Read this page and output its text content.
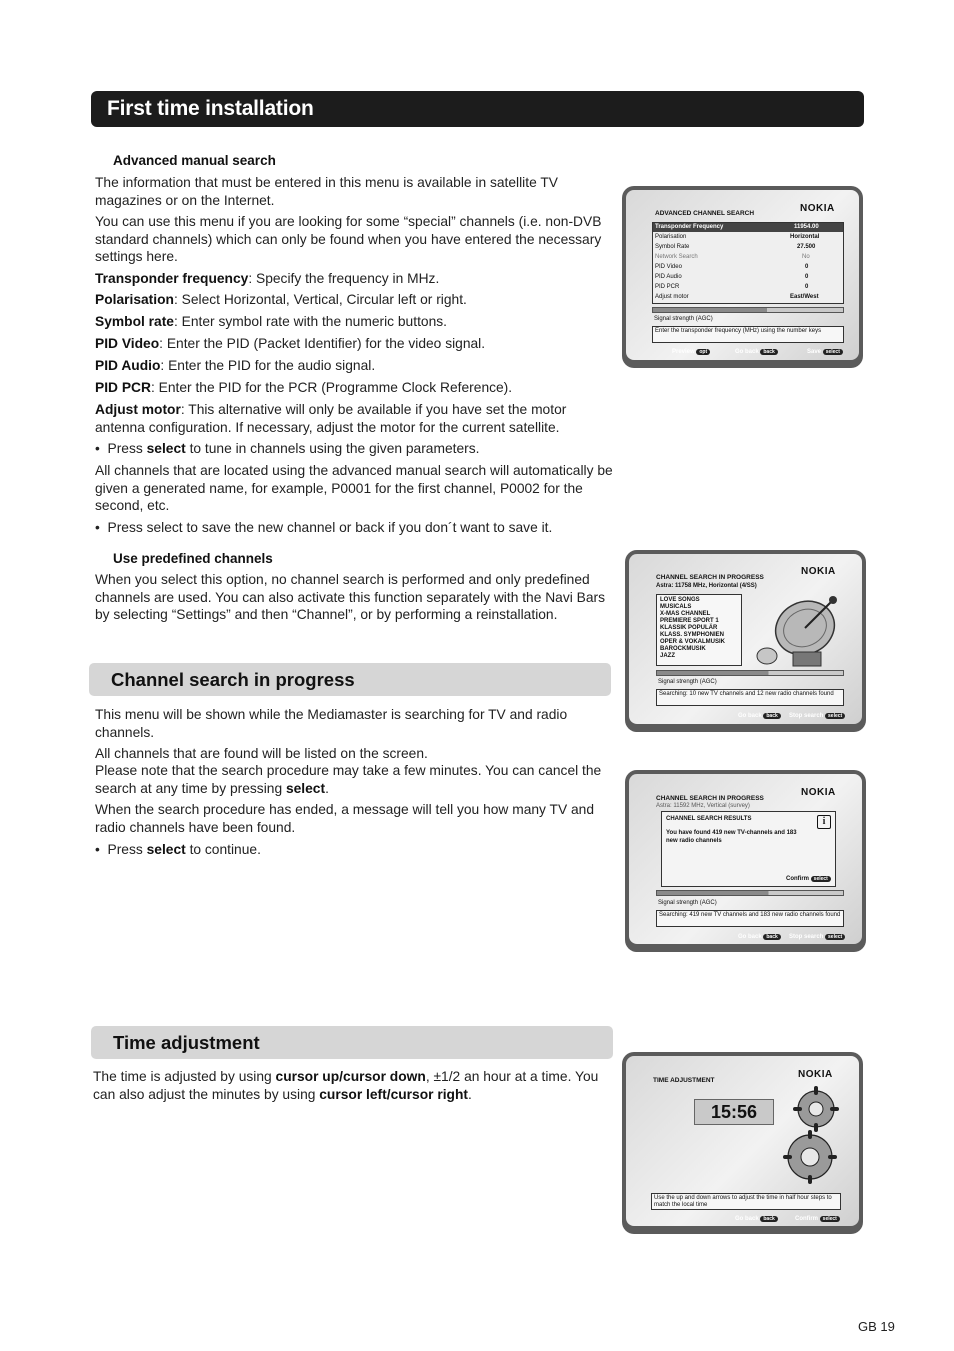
First time installation
Advanced manual search

The information that must be entered in this menu is available in satellite TV magazines or on the Internet.

You can use this menu if you are looking for some “special” channels (i.e. non-DVB standard channels) which can only be found when you have entered the necessary settings here.

Transponder frequency: Specify the frequency in MHz.

Polarisation: Select Horizontal, Vertical, Circular left or right.

Symbol rate: Enter symbol rate with the numeric buttons.

PID Video: Enter the PID (Packet Identifier) for the video signal.

PID Audio: Enter the PID for the audio signal.

PID PCR: Enter the PID for the PCR (Programme Clock Reference).

Adjust motor: This alternative will only be available if you have set the motor antenna configuration. If necessary, adjust the motor for the current satellite.

•  Press select to tune in channels using the given parameters.

All channels that are located using the advanced manual search will automatically be given a generated name, for example, P0001 for the first channel, P0002 for the second, etc.

•  Press select to save the new channel or back if you don´t want to save it.

Use predefined channels

When you select this option, no channel search is performed and only predefined channels are used. You can also activate this function separately with the Navi Bars by selecting “Settings” and then “Channel”, or by performing a reinstallation.

Channel search in progress

This menu will be shown while the Mediamaster is searching for TV and radio channels.

All channels that are found will be listed on the screen.

Please note that the search procedure may take a few minutes. You can cancel the search at any time by pressing select.

When the search procedure has ended, a message will tell you how many TV and radio channels have been found.

•  Press select to continue.

Time adjustment

The time is adjusted by using cursor up/cursor down, ±1/2 an hour at a time. You can also adjust the minutes by using cursor left/cursor right.

NOKIA
ADVANCED CHANNEL SEARCH
Transponder Frequency	11954.00
Polarisation	Horizontal
Symbol Rate	27.500
Network Search	No
PID Video	0
PID Audio	0
PID PCR	0
Adjust motor	East/West
Signal strength (AGC)
Enter the transponder frequency (MHz) using the number keys
Preview opt	Go back back	Save select
NOKIA
CHANNEL SEARCH IN PROGRESS
Astra: 11758 MHz, Horizontal (4/SS)
LOVE SONGS
MUSICALS
X-MAS CHANNEL
PREMIERE SPORT 1
KLASSIK POPULÄR
KLASS. SYMPHONIEN
OPER & VOKALMUSIK
BAROCKMUSIK
JAZZ
Signal strength (AGC)
Searching: 10 new TV channels and 12 new radio channels found
Go back back	Stop search select
NOKIA
CHANNEL SEARCH IN PROGRESS
Astra: 11592 MHz, Vertical (survey)
CHANNEL SEARCH RESULTS
You have found 419 new TV-channels and 183 new radio channels
i
Confirm select
Signal strength (AGC)
Searching: 419 new TV channels and 183 new radio channels found
Go back back	Stop search select
NOKIA
TIME ADJUSTMENT
15:56
Use the up and down arrows to adjust the time in half hour steps to match the local time
Go back back	Confirm select
GB 19
